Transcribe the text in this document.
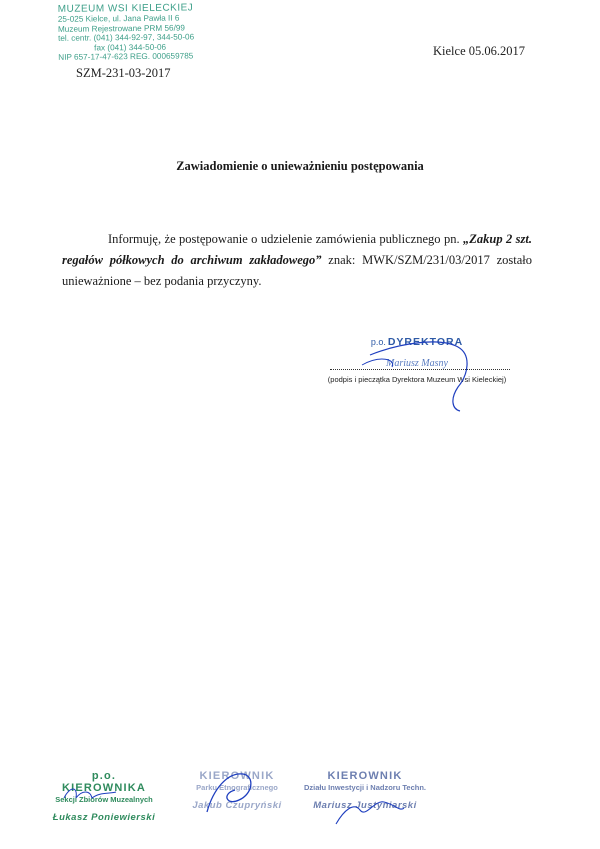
MUZEUM WSI KIELECKIEJ
25-025 Kielce, ul. Jana Pawła II 6
Muzeum Rejestrowane PRM 56/99
tel. centr. (041) 344-92-97, 344-50-06
fax (041) 344-50-06
NIP 657-17-47-623 REG. 000659785
SZM-231-03-2017
Kielce 05.06.2017
Zawiadomienie o unieważnieniu postępowania
Informuję, że postępowanie o udzielenie zamówienia publicznego pn. „Zakup 2 szt. regałów półkowych do archiwum zakładowego” znak: MWK/SZM/231/03/2017 zostało unieważnione – bez podania przyczyny.
p.o. DYREKTORA
Mariusz Masny
(podpis i pieczątka Dyrektora Muzeum Wsi Kieleckiej)
p.o. KIEROWNIKA
Sekcji Zbiorów Muzealnych
Łukasz Poniewierski
KIEROWNIK
Parku Etnograficznego
Jakub Czupryński
KIEROWNIK
Działu Inwestycji i Nadzoru Techn.
Mariusz Justyniarski
